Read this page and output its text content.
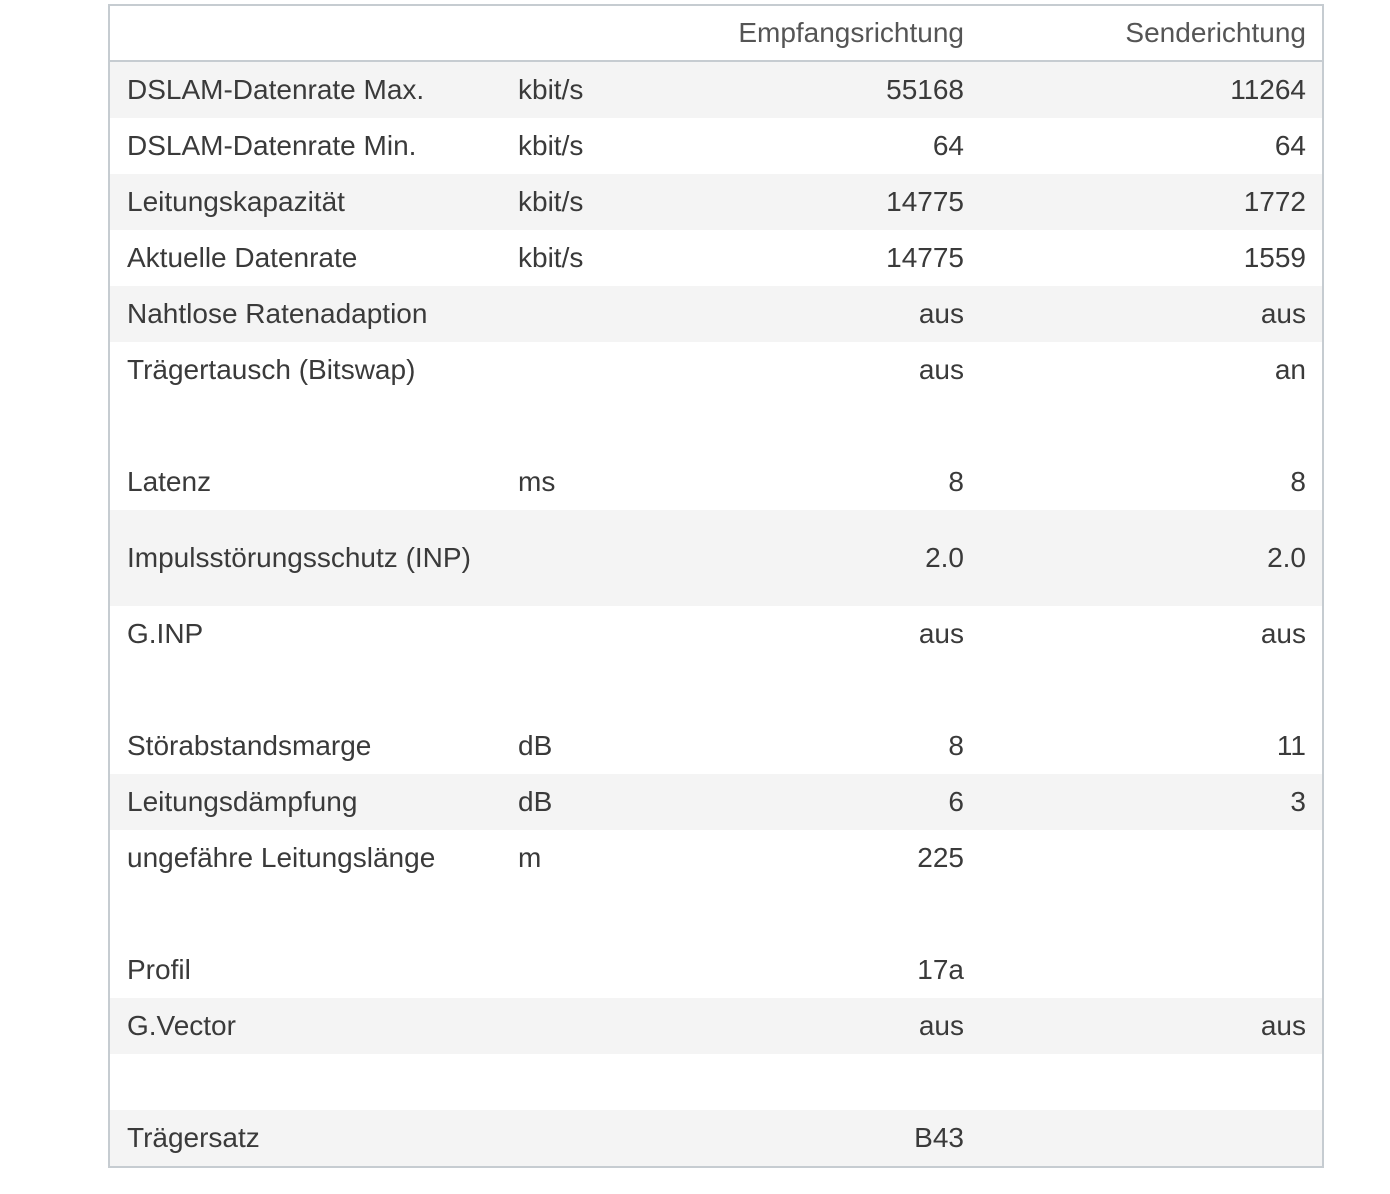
		Empfangsrichtung	Senderichtung
DSLAM-Datenrate Max.	kbit/s	55168	11264
DSLAM-Datenrate Min.	kbit/s	64	64
Leitungskapazität	kbit/s	14775	1772
Aktuelle Datenrate	kbit/s	14775	1559
Nahtlose Ratenadaption		aus	aus
Trägertausch (Bitswap)		aus	an

Latenz	ms	8	8
Impulsstörungsschutz (INP)		2.0	2.0
G.INP		aus	aus

Störabstandsmarge	dB	8	11
Leitungsdämpfung	dB	6	3
ungefähre Leitungslänge	m	225	

Profil		17a	
G.Vector		aus	aus

Trägersatz		B43	
